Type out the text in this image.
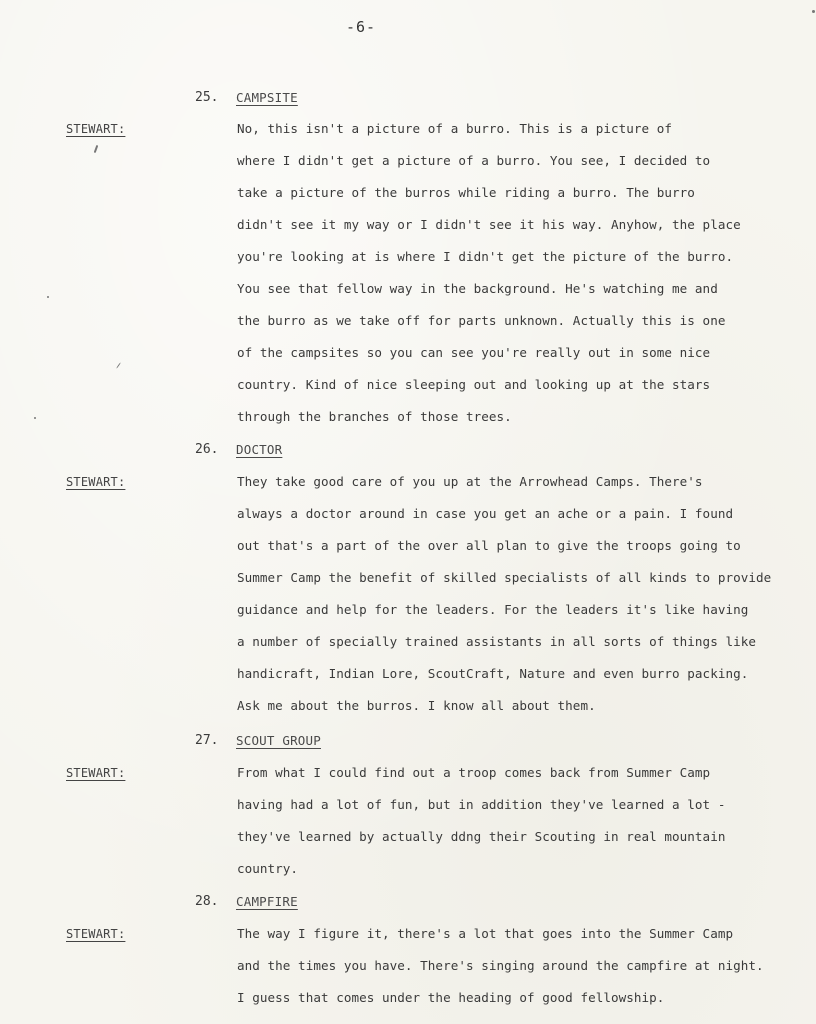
-6-
25. CAMPSITE
STEWART:	No, this isn't a picture of a burro. This is a picture of
where I didn't get a picture of a burro. You see, I decided to
take a picture of the burros while riding a burro. The burro
didn't see it my way or I didn't see it his way. Anyhow, the place
you're looking at is where I didn't get the picture of the burro.
You see that fellow way in the background. He's watching me and
the burro as we take off for parts unknown. Actually this is one
of the campsites so you can see you're really out in some nice
country. Kind of nice sleeping out and looking up at the stars
through the branches of those trees.
26. DOCTOR
STEWART:	They take good care of you up at the Arrowhead Camps. There's
always a doctor around in case you get an ache or a pain. I found
out that's a part of the over all plan to give the troops going to
Summer Camp the benefit of skilled specialists of all kinds to provide
guidance and help for the leaders. For the leaders it's like having
a number of specially trained assistants in all sorts of things like
handicraft, Indian Lore, ScoutCraft, Nature and even burro packing.
Ask me about the burros. I know all about them.
27. SCOUT GROUP
STEWART:	From what I could find out a troop comes back from Summer Camp
having had a lot of fun, but in addition they've learned a lot -
they've learned by actually ddng their Scouting in real mountain
country.
28. CAMPFIRE
STEWART:	The way I figure it, there's a lot that goes into the Summer Camp
and the times you have. There's singing around the campfire at night.
I guess that comes under the heading of good fellowship.
